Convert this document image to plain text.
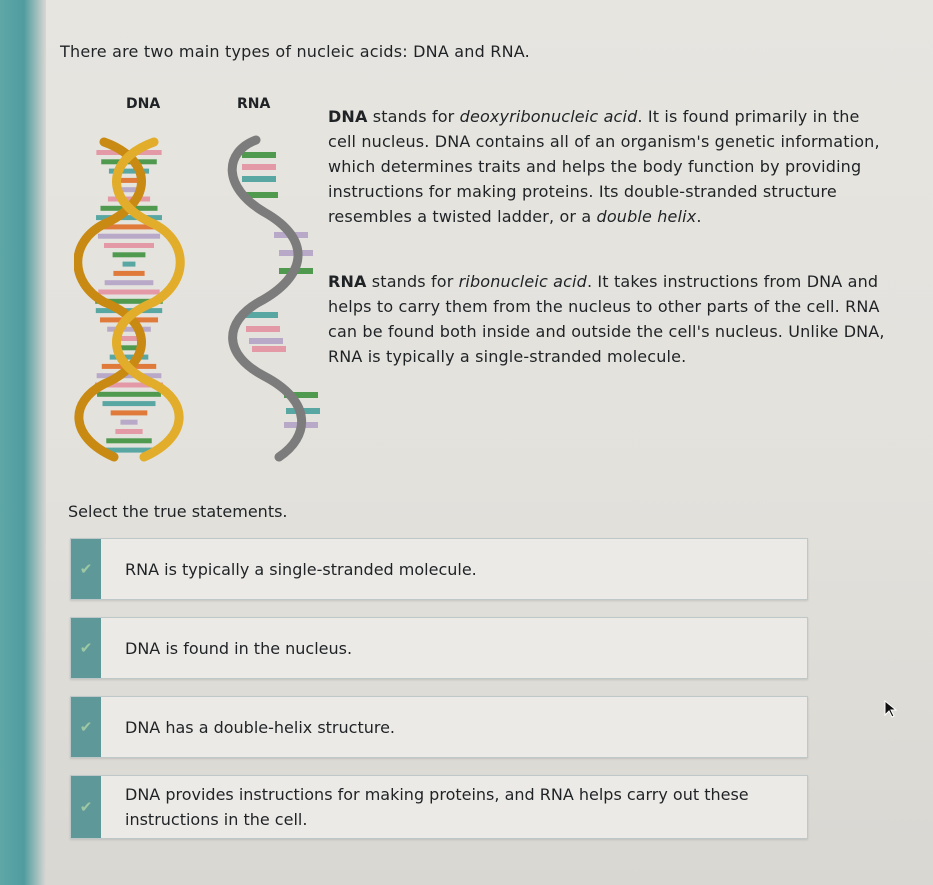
There are two main types of nucleic acids: DNA and RNA.

DNA	RNA

DNA stands for deoxyribonucleic acid. It is found primarily in the cell nucleus. DNA contains all of an organism's genetic information, which determines traits and helps the body function by providing instructions for making proteins. Its double-stranded structure resembles a twisted ladder, or a double helix.

RNA stands for ribonucleic acid. It takes instructions from DNA and helps to carry them from the nucleus to other parts of the cell. RNA can be found both inside and outside the cell's nucleus. Unlike DNA, RNA is typically a single-stranded molecule.

Select the true statements.

✔	RNA is typically a single-stranded molecule.
✔	DNA is found in the nucleus.
✔	DNA has a double-helix structure.
✔
DNA provides instructions for making proteins, and RNA helps carry out these instructions in the cell.
